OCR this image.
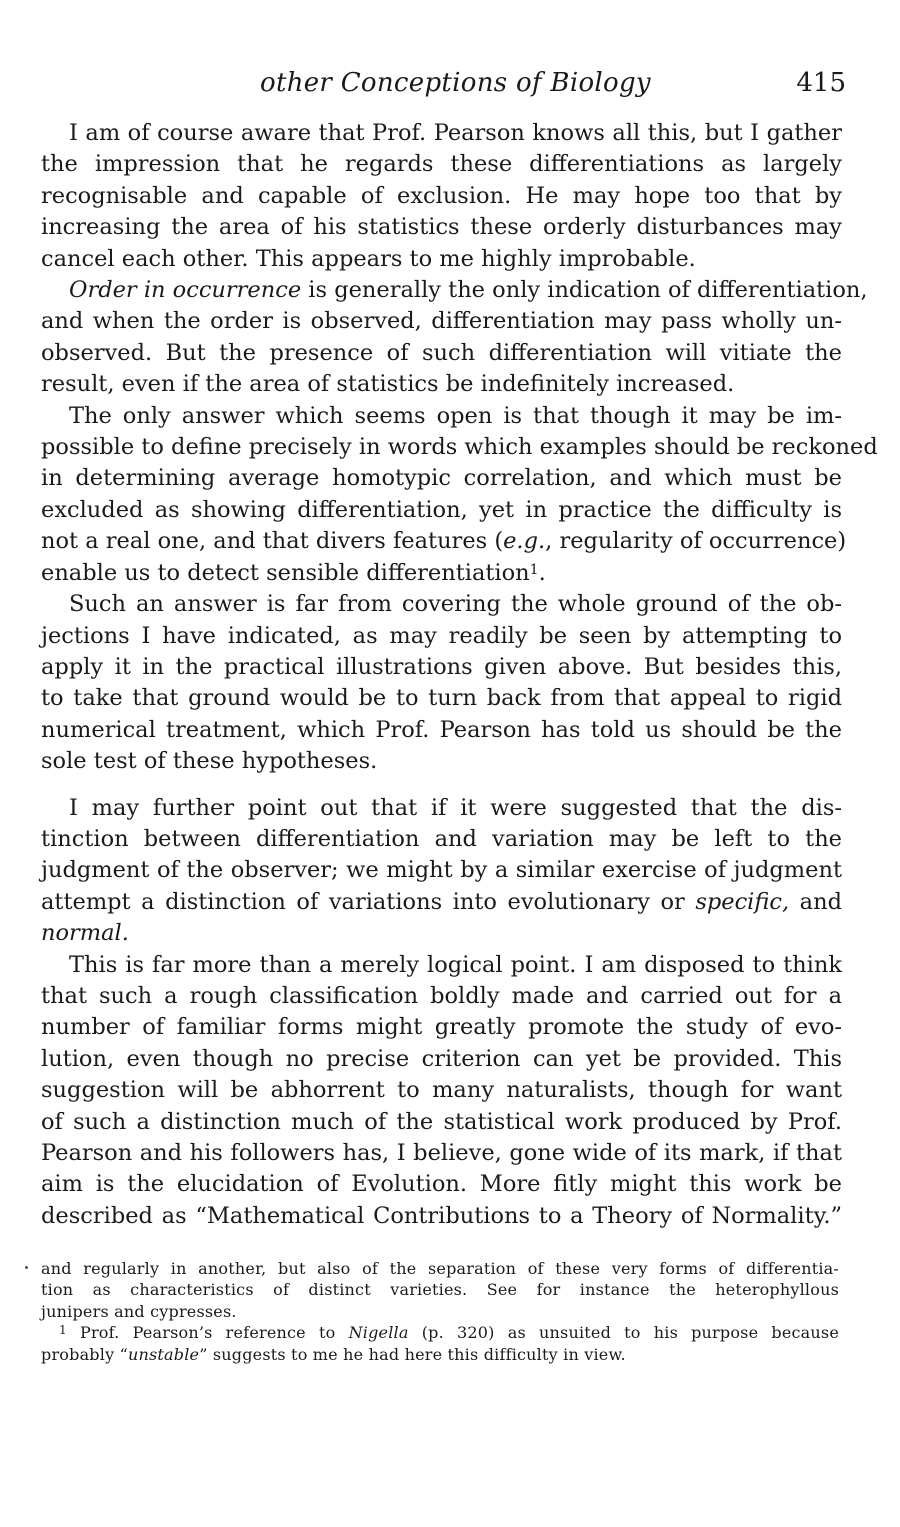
other Conceptions of Biology	415
I am of course aware that Prof. Pearson knows all this, but I gather
the impression that he regards these differentiations as largely
recognisable and capable of exclusion. He may hope too that by
increasing the area of his statistics these orderly disturbances may
cancel each other. This appears to me highly improbable.
Order in occurrence is generally the only indication of differentiation,
and when the order is observed, differentiation may pass wholly un-
observed. But the presence of such differentiation will vitiate the
result, even if the area of statistics be indefinitely increased.
The only answer which seems open is that though it may be im-
possible to define precisely in words which examples should be reckoned
in determining average homotypic correlation, and which must be
excluded as showing differentiation, yet in practice the difficulty is
not a real one, and that divers features (e.g., regularity of occurrence)
enable us to detect sensible differentiation$^1$.
Such an answer is far from covering the whole ground of the ob-
jections I have indicated, as may readily be seen by attempting to
apply it in the practical illustrations given above. But besides this,
to take that ground would be to turn back from that appeal to rigid
numerical treatment, which Prof. Pearson has told us should be the
sole test of these hypotheses.
I may further point out that if it were suggested that the dis-
tinction between differentiation and variation may be left to the
judgment of the observer; we might by a similar exercise of judgment
attempt a distinction of variations into evolutionary or specific, and
normal.
This is far more than a merely logical point. I am disposed to think
that such a rough classification boldly made and carried out for a
number of familiar forms might greatly promote the study of evo-
lution, even though no precise criterion can yet be provided. This
suggestion will be abhorrent to many naturalists, though for want
of such a distinction much of the statistical work produced by Prof.
Pearson and his followers has, I believe, gone wide of its mark, if that
aim is the elucidation of Evolution. More fitly might this work be
described as “Mathematical Contributions to a Theory of Normality.”
and regularly in another, but also of the separation of these very forms of differentia-
tion as characteristics of distinct varieties. See for instance the heterophyllous
junipers and cypresses.
$^1$ Prof. Pearson’s reference to Nigella (p. 320) as unsuited to his purpose because
probably “unstable” suggests to me he had here this difficulty in view.
